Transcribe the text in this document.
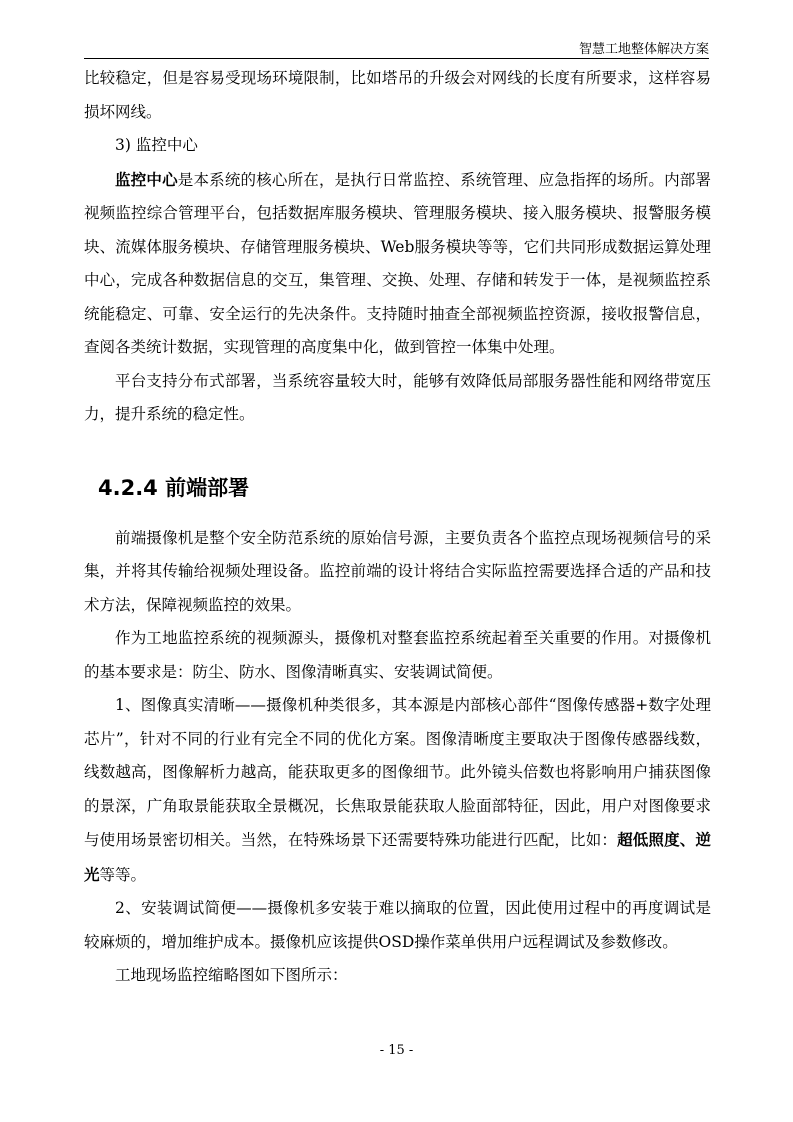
智慧工地整体解决方案

比较稳定，但是容易受现场环境限制，比如塔吊的升级会对网线的长度有所要求，这样容易损坏网线。

3) 监控中心

监控中心是本系统的核心所在，是执行日常监控、系统管理、应急指挥的场所。内部署视频监控综合管理平台，包括数据库服务模块、管理服务模块、接入服务模块、报警服务模块、流媒体服务模块、存储管理服务模块、Web服务模块等等，它们共同形成数据运算处理中心，完成各种数据信息的交互，集管理、交换、处理、存储和转发于一体，是视频监控系统能稳定、可靠、安全运行的先决条件。支持随时抽查全部视频监控资源，接收报警信息，查阅各类统计数据，实现管理的高度集中化，做到管控一体集中处理。

平台支持分布式部署，当系统容量较大时，能够有效降低局部服务器性能和网络带宽压力，提升系统的稳定性。

4.2.4 前端部署

前端摄像机是整个安全防范系统的原始信号源，主要负责各个监控点现场视频信号的采集，并将其传输给视频处理设备。监控前端的设计将结合实际监控需要选择合适的产品和技术方法，保障视频监控的效果。

作为工地监控系统的视频源头，摄像机对整套监控系统起着至关重要的作用。对摄像机的基本要求是：防尘、防水、图像清晰真实、安装调试简便。

1、图像真实清晰——摄像机种类很多，其本源是内部核心部件“图像传感器+数字处理芯片”，针对不同的行业有完全不同的优化方案。图像清晰度主要取决于图像传感器线数，线数越高，图像解析力越高，能获取更多的图像细节。此外镜头倍数也将影响用户捕获图像的景深，广角取景能获取全景概况，长焦取景能获取人脸面部特征，因此，用户对图像要求与使用场景密切相关。当然，在特殊场景下还需要特殊功能进行匹配，比如：超低照度、逆光等等。

2、安装调试简便——摄像机多安装于难以摘取的位置，因此使用过程中的再度调试是较麻烦的，增加维护成本。摄像机应该提供OSD操作菜单供用户远程调试及参数修改。

工地现场监控缩略图如下图所示：

- 15 -
